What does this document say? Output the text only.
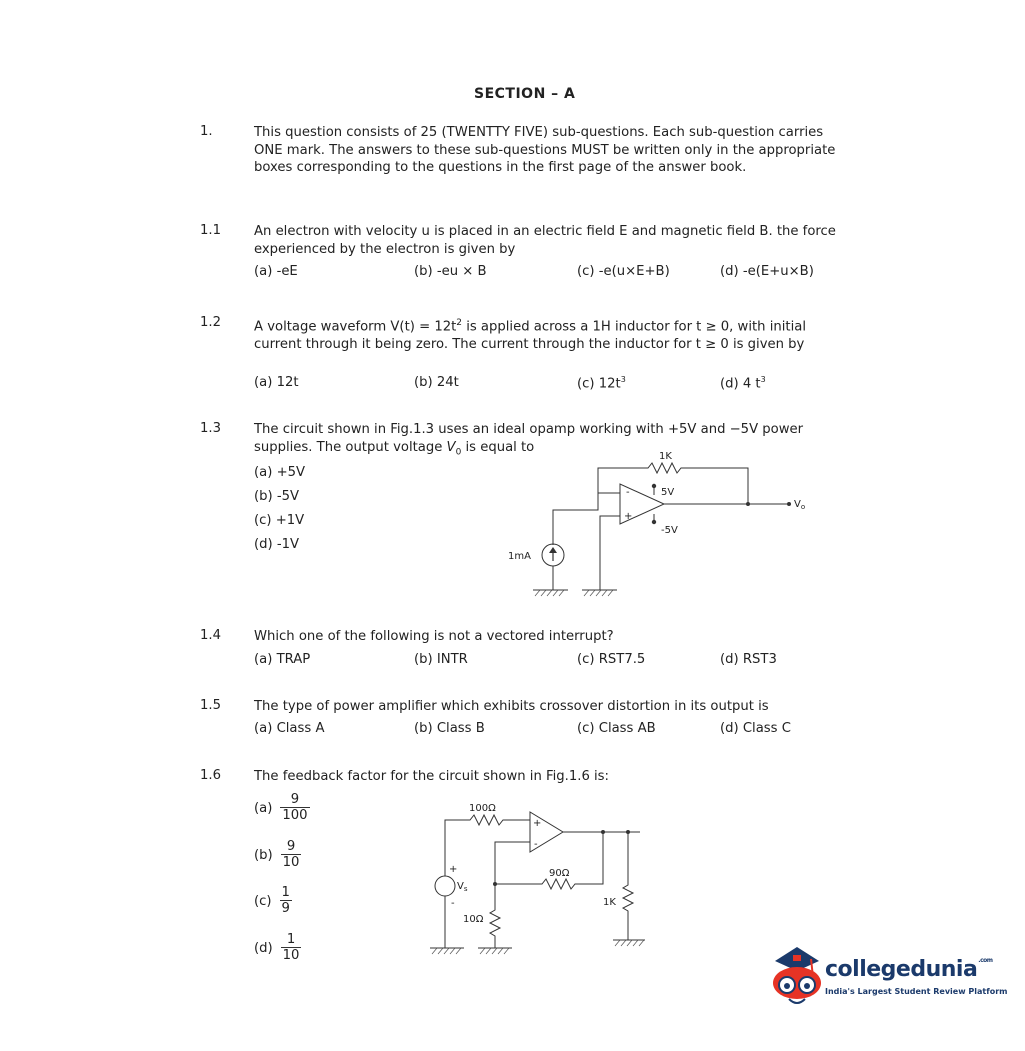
SECTION – A
1.	This question consists of 25 (TWENTTY FIVE) sub-questions. Each sub-question carries ONE mark. The answers to these sub-questions MUST be written only in the appropriate boxes corresponding to the questions in the first page of the answer book.
1.1	An electron with velocity u is placed in an electric field E and magnetic field B. the force experienced by the electron is given by
(a) -eE	(b) -eu × B	(c) -e(u×E+B)	(d) -e(E+u×B)
1.2	A voltage waveform $V(t) = 12t^2$ is applied across a 1H inductor for t ≥ 0, with initial current through it being zero. The current through the inductor for t ≥ 0 is given by
(a) 12t	(b) 24t	(c) $12t^3$	(d) 4 $t^3$
1.3	The circuit shown in Fig.1.3 uses an ideal opamp working with +5V and −5V power supplies. The output voltage $V_0$ is equal to
(a) +5V
(b) -5V
(c) +1V
(d) -1V
-
+
1K
5V
-5V
1mA
$V_o$
1.4	Which one of the following is not a vectored interrupt?
(a) TRAP	(b) INTR	(c) RST7.5	(d) RST3
1.5	The type of power amplifier which exhibits crossover distortion in its output is
(a) Class A	(b) Class B	(c) Class AB	(d) Class C
1.6	The feedback factor for the circuit shown in Fig.1.6 is:
$(a) \frac{9}{100}$
$(b) \frac{9}{10}$
$(c) \frac{1}{9}$
$(d) \frac{1}{10}$
-
+
100Ω
90Ω
10Ω
1K
$V_s$
+
-
collegedunia$^{.com}$
India's Largest Student Review Platform
